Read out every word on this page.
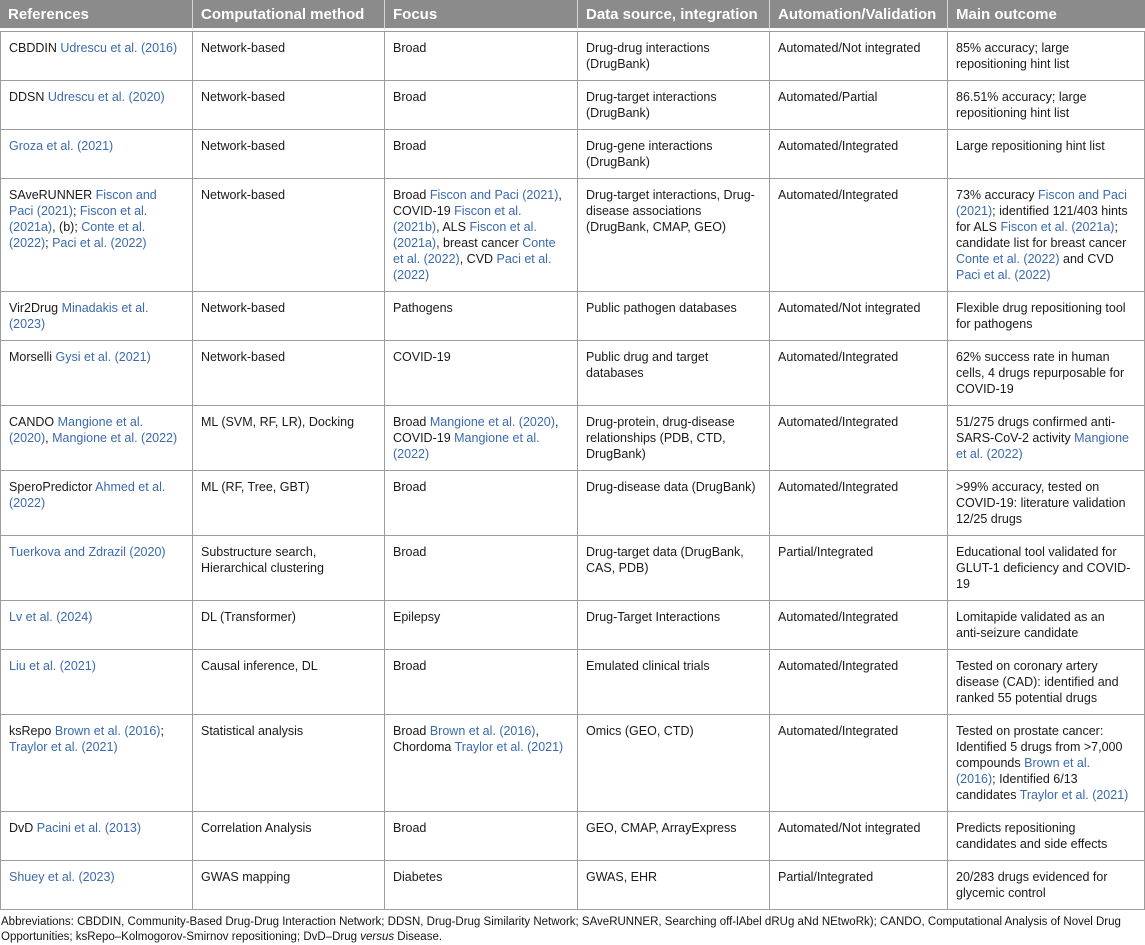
References	Computational method	Focus	Data source, integration	Automation/Validation	Main outcome
CBDDIN Udrescu et al. (2016)	Network-based	Broad	Drug-drug interactions (DrugBank)	Automated/Not integrated	85% accuracy; large repositioning hint list
DDSN Udrescu et al. (2020)	Network-based	Broad	Drug-target interactions (DrugBank)	Automated/Partial	86.51% accuracy; large repositioning hint list
Groza et al. (2021)	Network-based	Broad	Drug-gene interactions (DrugBank)	Automated/Integrated	Large repositioning hint list
SAveRUNNER Fiscon and Paci (2021); Fiscon et al. (2021a), (b); Conte et al. (2022); Paci et al. (2022)	Network-based	Broad Fiscon and Paci (2021), COVID-19 Fiscon et al. (2021b), ALS Fiscon et al. (2021a), breast cancer Conte et al. (2022), CVD Paci et al. (2022)	Drug-target interactions, Drug-disease associations (DrugBank, CMAP, GEO)	Automated/Integrated	73% accuracy Fiscon and Paci (2021); identified 121/403 hints for ALS Fiscon et al. (2021a); candidate list for breast cancer Conte et al. (2022) and CVD Paci et al. (2022)
Vir2Drug Minadakis et al. (2023)	Network-based	Pathogens	Public pathogen databases	Automated/Not integrated	Flexible drug repositioning tool for pathogens
Morselli Gysi et al. (2021)	Network-based	COVID-19	Public drug and target databases	Automated/Integrated	62% success rate in human cells, 4 drugs repurposable for COVID-19
CANDO Mangione et al. (2020), Mangione et al. (2022)	ML (SVM, RF, LR), Docking	Broad Mangione et al. (2020), COVID-19 Mangione et al. (2022)	Drug-protein, drug-disease relationships (PDB, CTD, DrugBank)	Automated/Integrated	51/275 drugs confirmed anti-SARS-CoV-2 activity Mangione et al. (2022)
SperoPredictor Ahmed et al. (2022)	ML (RF, Tree, GBT)	Broad	Drug-disease data (DrugBank)	Automated/Integrated	>99% accuracy, tested on COVID-19: literature validation 12/25 drugs
Tuerkova and Zdrazil (2020)	Substructure search, Hierarchical clustering	Broad	Drug-target data (DrugBank, CAS, PDB)	Partial/Integrated	Educational tool validated for GLUT-1 deficiency and COVID-19
Lv et al. (2024)	DL (Transformer)	Epilepsy	Drug-Target Interactions	Automated/Integrated	Lomitapide validated as an anti-seizure candidate
Liu et al. (2021)	Causal inference, DL	Broad	Emulated clinical trials	Automated/Integrated	Tested on coronary artery disease (CAD): identified and ranked 55 potential drugs
ksRepo Brown et al. (2016); Traylor et al. (2021)	Statistical analysis	Broad Brown et al. (2016), Chordoma Traylor et al. (2021)	Omics (GEO, CTD)	Automated/Integrated	Tested on prostate cancer: Identified 5 drugs from >7,000 compounds Brown et al. (2016); Identified 6/13 candidates Traylor et al. (2021)
DvD Pacini et al. (2013)	Correlation Analysis	Broad	GEO, CMAP, ArrayExpress	Automated/Not integrated	Predicts repositioning candidates and side effects
Shuey et al. (2023)	GWAS mapping	Diabetes	GWAS, EHR	Partial/Integrated	20/283 drugs evidenced for glycemic control

Abbreviations: CBDDIN, Community-Based Drug-Drug Interaction Network; DDSN, Drug-Drug Similarity Network; SAveRUNNER, Searching off-lAbel dRUg aNd NEtwoRk); CANDO, Computational Analysis of Novel Drug Opportunities; ksRepo–Kolmogorov-Smirnov repositioning; DvD–Drug versus Disease.
